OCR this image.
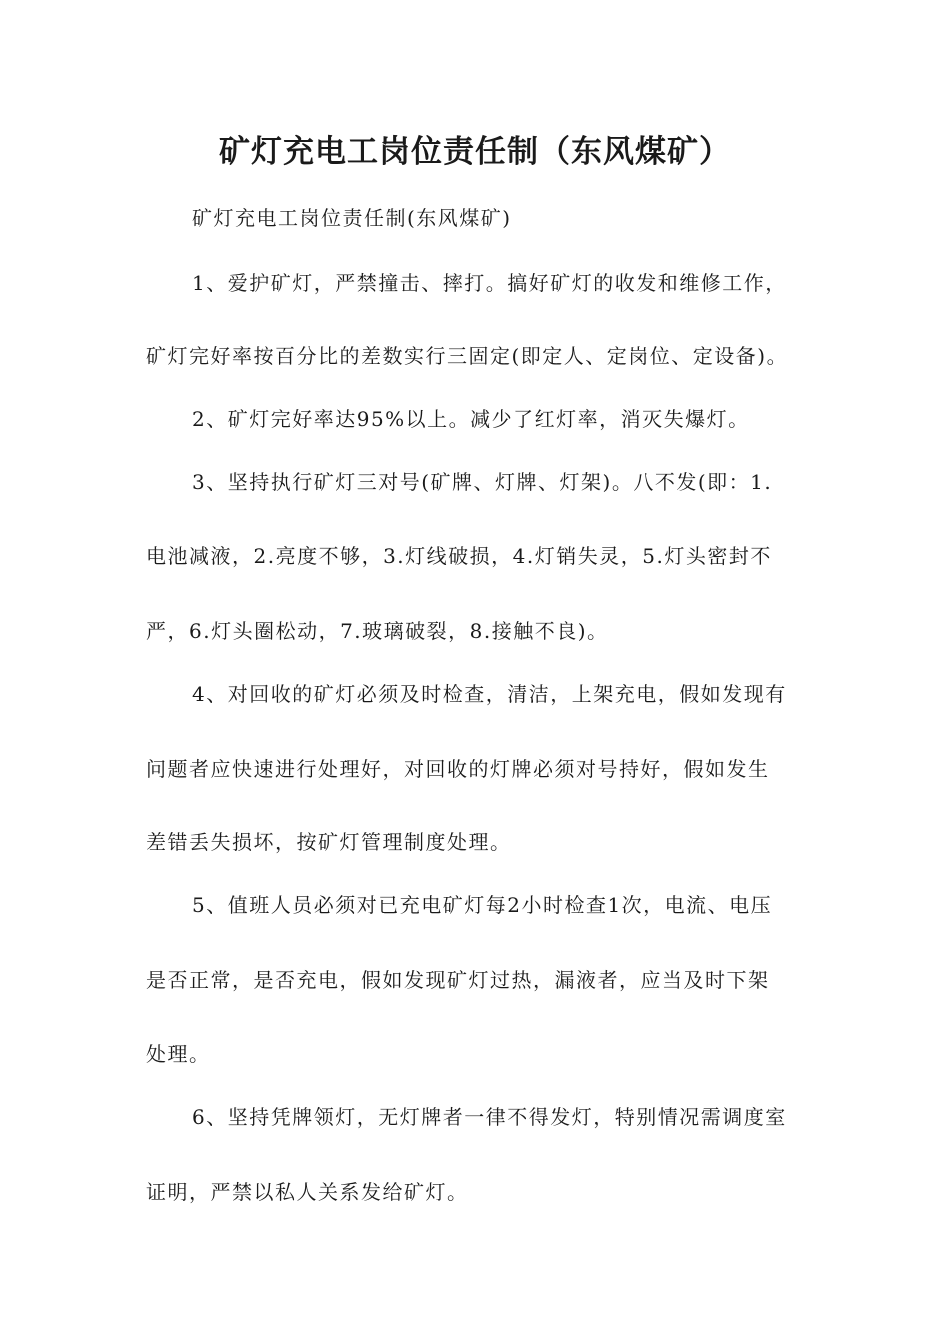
矿灯充电工岗位责任制（东风煤矿）

矿灯充电工岗位责任制(东风煤矿)

1、爱护矿灯，严禁撞击、摔打。搞好矿灯的收发和维修工作，

矿灯完好率按百分比的差数实行三固定(即定人、定岗位、定设备)。

2、矿灯完好率达95%以上。减少了红灯率，消灭失爆灯。

3、坚持执行矿灯三对号(矿牌、灯牌、灯架)。八不发(即：1.

电池减液，2.亮度不够，3.灯线破损，4.灯销失灵，5.灯头密封不

严，6.灯头圈松动，7.玻璃破裂，8.接触不良)。

4、对回收的矿灯必须及时检查，清洁，上架充电，假如发现有

问题者应快速进行处理好，对回收的灯牌必须对号持好，假如发生

差错丢失损坏，按矿灯管理制度处理。

5、值班人员必须对已充电矿灯每2小时检查1次，电流、电压

是否正常，是否充电，假如发现矿灯过热，漏液者，应当及时下架

处理。

6、坚持凭牌领灯，无灯牌者一律不得发灯，特别情况需调度室

证明，严禁以私人关系发给矿灯。
